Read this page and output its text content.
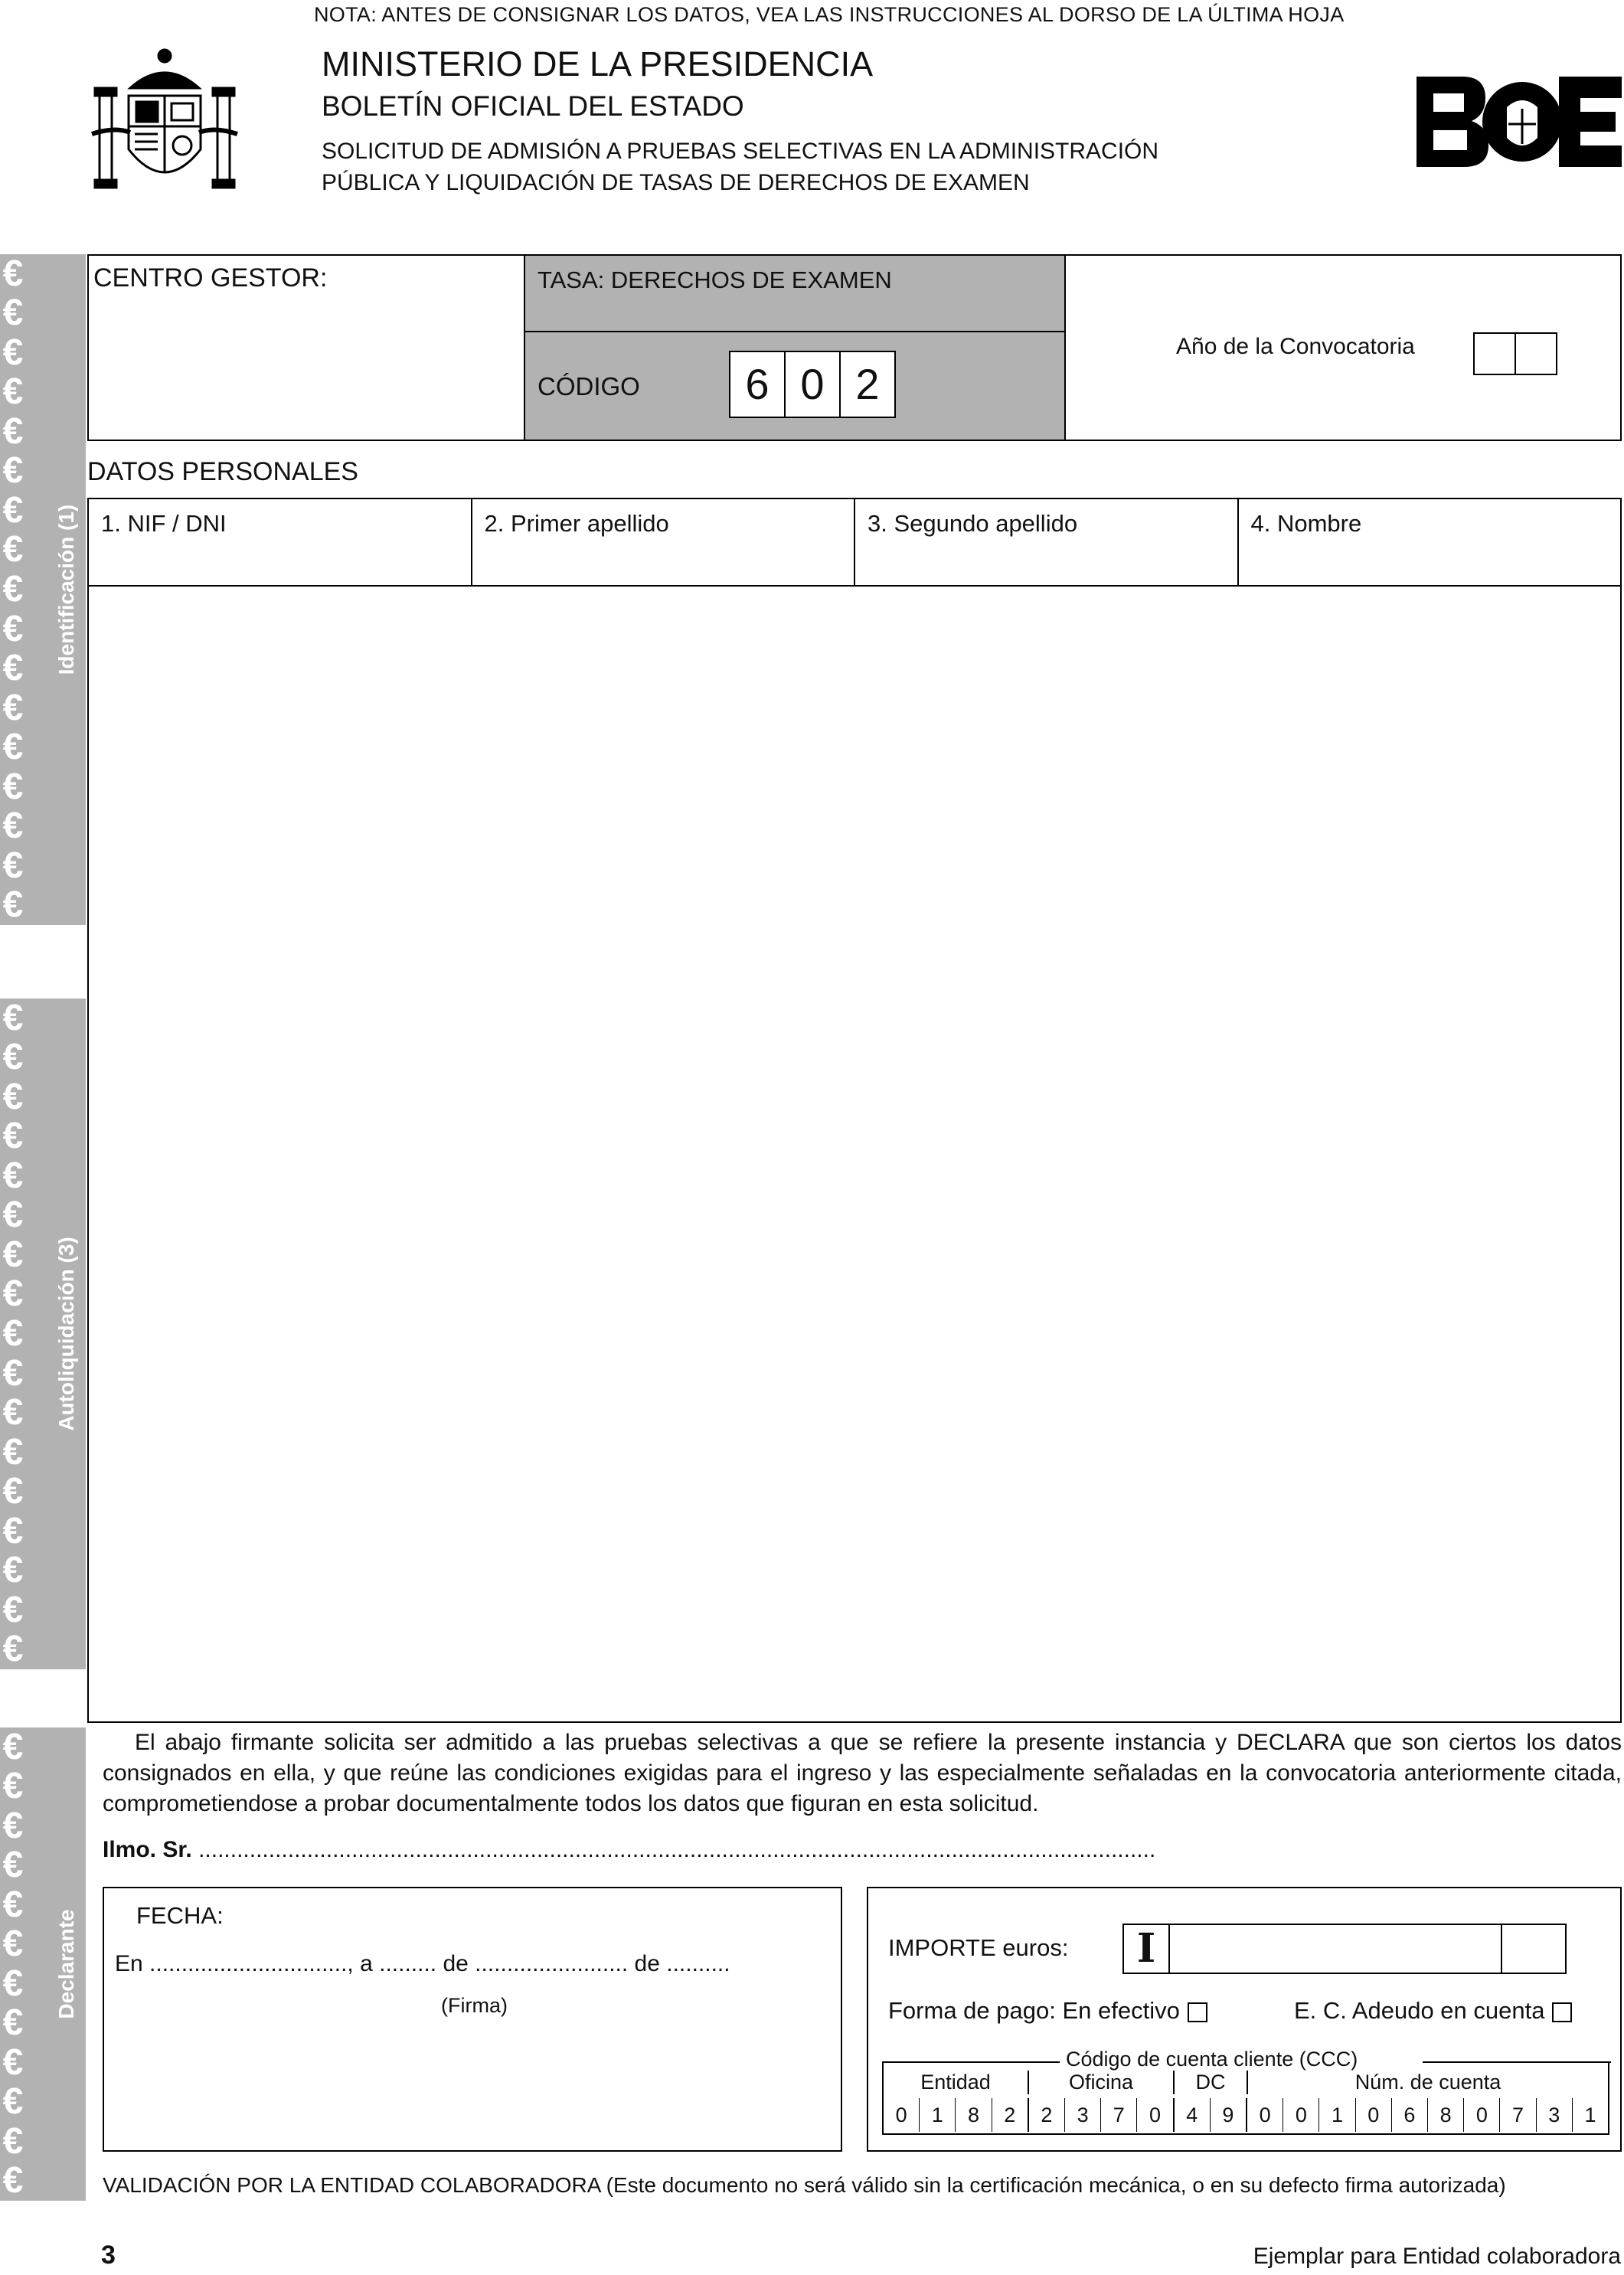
NOTA: ANTES DE CONSIGNAR LOS DATOS, VEA LAS INSTRUCCIONES AL DORSO DE LA ÚLTIMA HOJA
MINISTERIO DE LA PRESIDENCIA
BOLETÍN OFICIAL DEL ESTADO
SOLICITUD DE ADMISIÓN A PRUEBAS SELECTIVAS EN LA ADMINISTRACIÓN
PÚBLICA Y LIQUIDACIÓN DE TASAS DE DERECHOS DE EXAMEN
Identificación (1)
€
€
€
€
€
€
€
€
€
€
€
€
€
€
€
€
€
Autoliquidación (3)
€
€
€
€
€
€
€
€
€
€
€
€
€
€
€
€
€
Declarante
€
€
€
€
€
€
€
€
€
€
€
€
CENTRO GESTOR:	TASA: DERECHOS DE EXAMEN
CÓDIGO	6 0 2
Año de la Convocatoria
DATOS PERSONALES
1. NIF / DNI	2. Primer apellido	3. Segundo apellido	4. Nombre
El abajo firmante solicita ser admitido a las pruebas selectivas a que se refiere la presente instancia y DECLARA que son ciertos los datos consignados en ella, y que reúne las condiciones exigidas para el ingreso y las especialmente señaladas en la convocatoria anteriormente citada, comprometiendose a probar documentalmente todos los datos que figuran en esta solicitud.
Ilmo. Sr. ......................................................................................................................................................
FECHA:
En ..............................., a ......... de ........................ de ..........
(Firma)
IMPORTE euros:	I
Forma de pago: En efectivo	E. C. Adeudo en cuenta
Código de cuenta cliente (CCC)
Entidad	Oficina	DC	Núm. de cuenta
0	1	8	2	2	3	7	0	4	9	0	0	1	0	6	8	0	7	3	1
VALIDACIÓN POR LA ENTIDAD COLABORADORA (Este documento no será válido sin la certificación mecánica, o en su defecto firma autorizada)
3	Ejemplar para Entidad colaboradora
